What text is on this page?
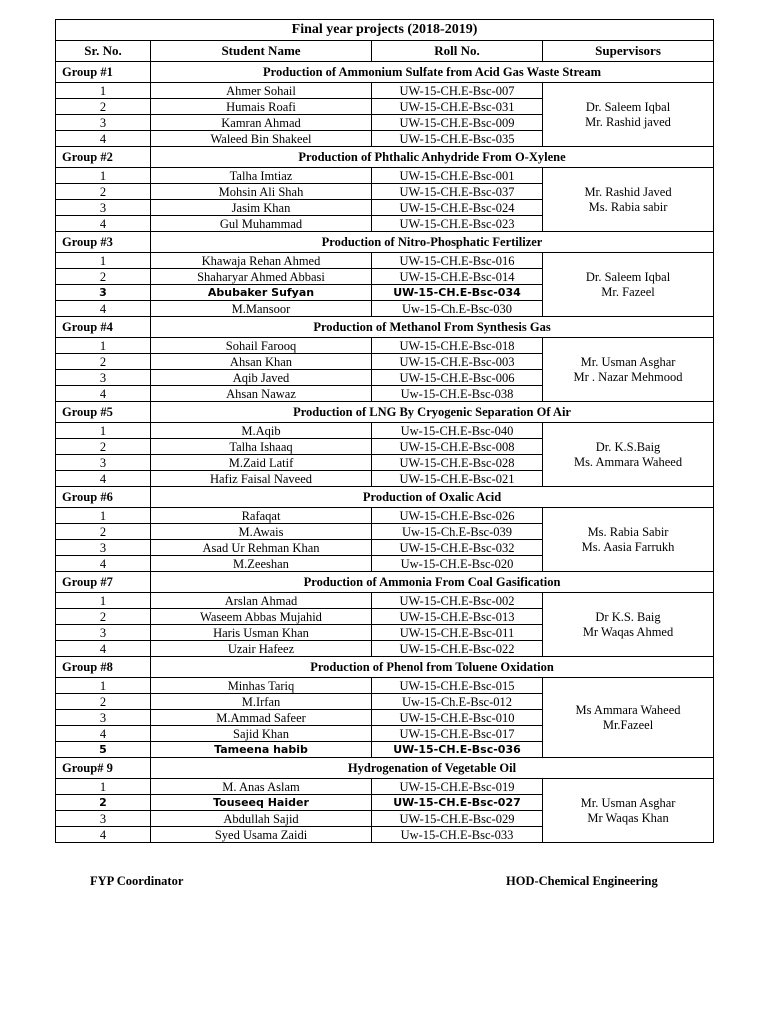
Final year projects (2018-2019)			
Sr. No.	Student Name	Roll No.	Supervisors
Group #1	Production of Ammonium Sulfate from Acid Gas Waste Stream		
1	Ahmer Sohail	UW-15-CH.E-Bsc-007	Dr. Saleem Iqbal
Mr. Rashid javed

2	Humais Roafi	UW-15-CH.E-Bsc-031	
3	Kamran Ahmad	UW-15-CH.E-Bsc-009	
4	Waleed Bin Shakeel	UW-15-CH.E-Bsc-035	
Group #2	Production of Phthalic Anhydride From O-Xylene		
1	Talha Imtiaz	UW-15-CH.E-Bsc-001	Mr. Rashid Javed
Ms. Rabia sabir

2	Mohsin Ali Shah	UW-15-CH.E-Bsc-037	
3	Jasim Khan	UW-15-CH.E-Bsc-024	
4	Gul Muhammad	UW-15-CH.E-Bsc-023	
Group #3	Production of Nitro-Phosphatic Fertilizer		
1	Khawaja Rehan Ahmed	UW-15-CH.E-Bsc-016	Dr. Saleem Iqbal
Mr. Fazeel

2	Shaharyar Ahmed Abbasi	UW-15-CH.E-Bsc-014	
3	Abubaker Sufyan	UW-15-CH.E-Bsc-034	
4	M.Mansoor	Uw-15-Ch.E-Bsc-030	
Group #4	Production of Methanol From Synthesis Gas		
1	Sohail Farooq	UW-15-CH.E-Bsc-018	Mr. Usman Asghar
Mr . Nazar Mehmood

2	Ahsan Khan	UW-15-CH.E-Bsc-003	
3	Aqib Javed	UW-15-CH.E-Bsc-006	
4	Ahsan Nawaz	Uw-15-CH.E-Bsc-038	
Group #5	Production of LNG By Cryogenic Separation Of Air		
1	M.Aqib	Uw-15-CH.E-Bsc-040	Dr. K.S.Baig
Ms. Ammara Waheed

2	Talha Ishaaq	UW-15-CH.E-Bsc-008	
3	M.Zaid Latif	UW-15-CH.E-Bsc-028	
4	Hafiz Faisal Naveed	UW-15-CH.E-Bsc-021	
Group #6	Production of Oxalic Acid		
1	Rafaqat	UW-15-CH.E-Bsc-026	Ms. Rabia Sabir
Ms. Aasia Farrukh

2	M.Awais	Uw-15-Ch.E-Bsc-039	
3	Asad Ur Rehman Khan	UW-15-CH.E-Bsc-032	
4	M.Zeeshan	Uw-15-CH.E-Bsc-020	
Group #7	Production of Ammonia From Coal Gasification		
1	Arslan Ahmad	UW-15-CH.E-Bsc-002	Dr K.S. Baig
Mr Waqas Ahmed

2	Waseem Abbas Mujahid	UW-15-CH.E-Bsc-013	
3	Haris Usman Khan	UW-15-CH.E-Bsc-011	
4	Uzair Hafeez	UW-15-CH.E-Bsc-022	
Group #8	Production of Phenol from Toluene Oxidation		
1	Minhas Tariq	UW-15-CH.E-Bsc-015	Ms Ammara Waheed
Mr.Fazeel

2	M.Irfan	Uw-15-Ch.E-Bsc-012	
3	M.Ammad Safeer	UW-15-CH.E-Bsc-010	
4	Sajid Khan	UW-15-CH.E-Bsc-017	
5	Tameena habib	UW-15-CH.E-Bsc-036	
Group# 9	Hydrogenation of Vegetable Oil		
1	M. Anas Aslam	UW-15-CH.E-Bsc-019	Mr. Usman Asghar
Mr Waqas Khan

2	Touseeq Haider	UW-15-CH.E-Bsc-027	
3	Abdullah Sajid	UW-15-CH.E-Bsc-029	
4	Syed Usama Zaidi	Uw-15-CH.E-Bsc-033	
FYP Coordinator	HOD-Chemical Engineering
